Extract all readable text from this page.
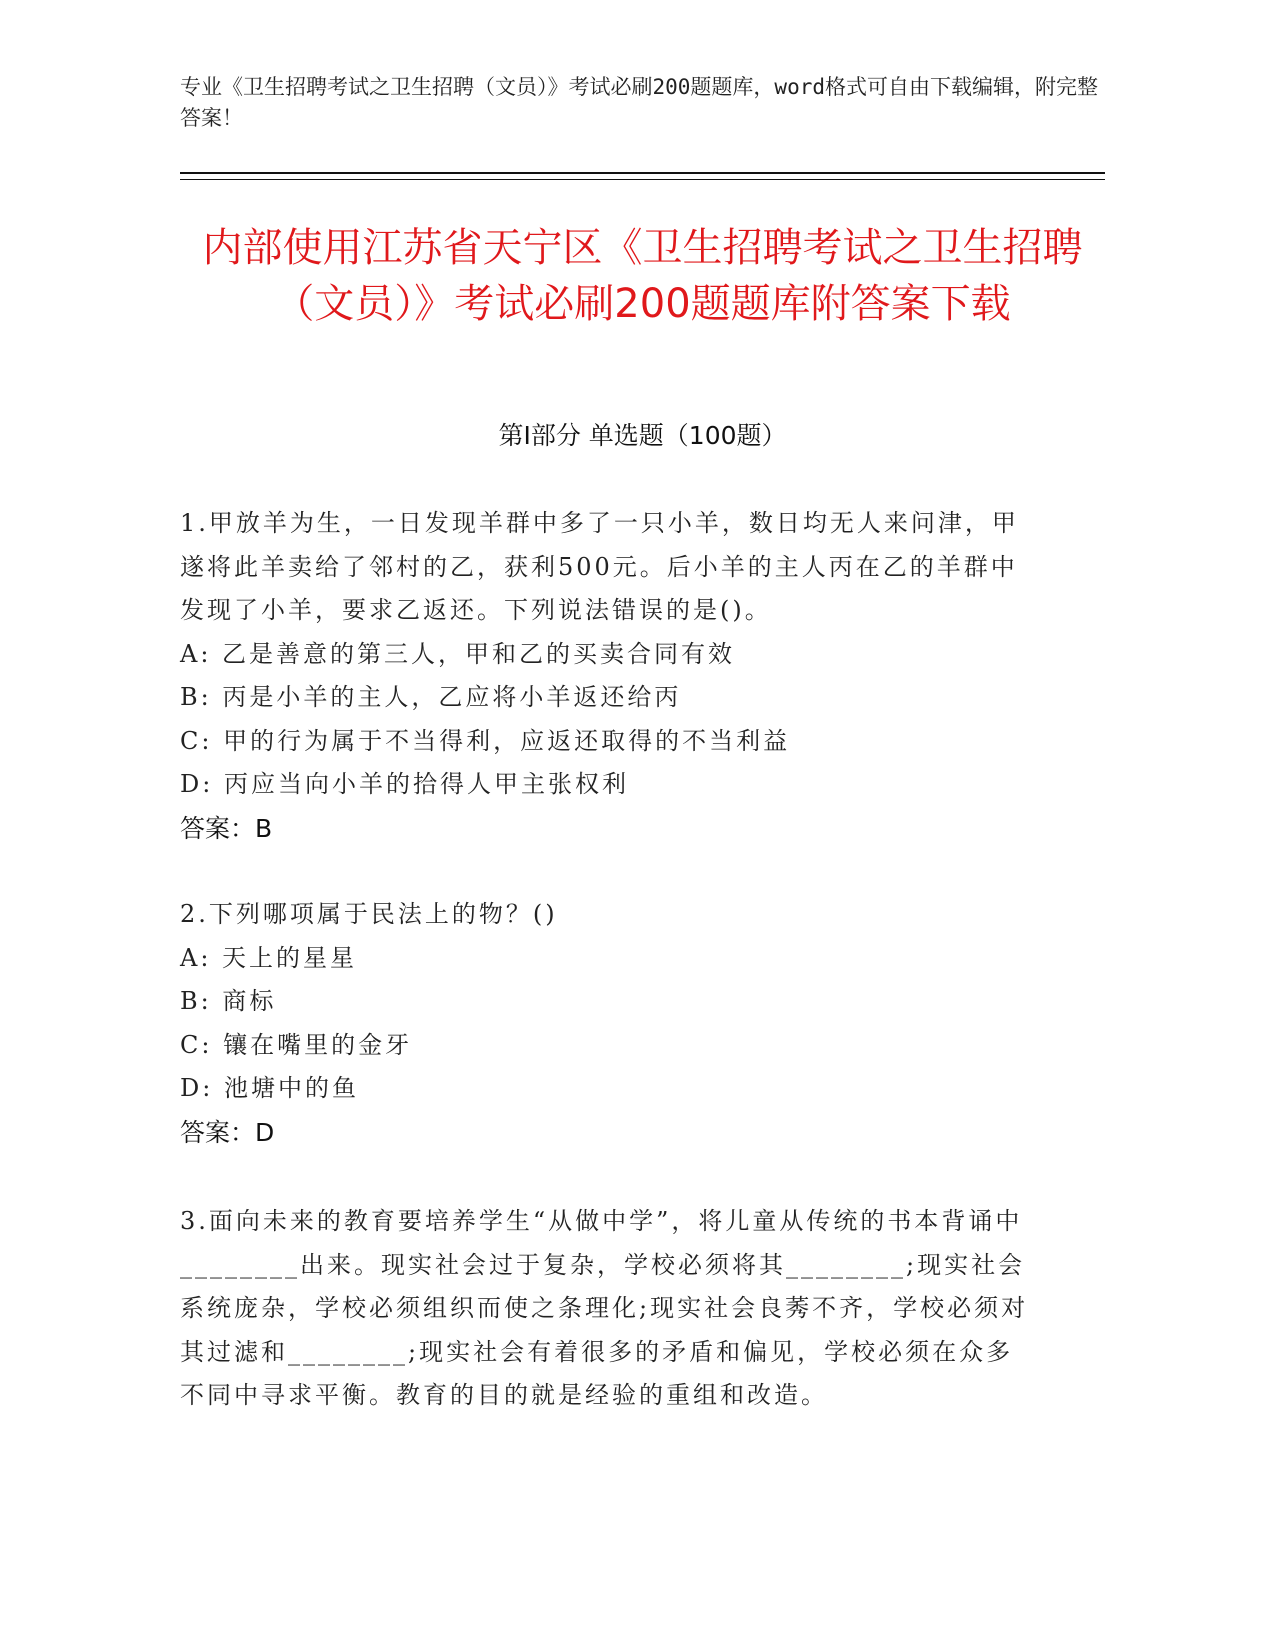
专业《卫生招聘考试之卫生招聘（文员）》考试必刷200题题库，word格式可自由下载编辑，附完整答案！
内部使用江苏省天宁区《卫生招聘考试之卫生招聘（文员）》考试必刷200题题库附答案下载
第I部分 单选题（100题）
1.甲放羊为生，一日发现羊群中多了一只小羊，数日均无人来问津，甲遂将此羊卖给了邻村的乙，获利500元。后小羊的主人丙在乙的羊群中发现了小羊，要求乙返还。下列说法错误的是()。
A: 乙是善意的第三人，甲和乙的买卖合同有效
B: 丙是小羊的主人，乙应将小羊返还给丙
C: 甲的行为属于不当得利，应返还取得的不当利益
D: 丙应当向小羊的拾得人甲主张权利
答案：B
2.下列哪项属于民法上的物？()
A: 天上的星星
B: 商标
C: 镶在嘴里的金牙
D: 池塘中的鱼
答案：D
3.面向未来的教育要培养学生“从做中学”，将儿童从传统的书本背诵中________出来。现实社会过于复杂，学校必须将其________;现实社会系统庞杂，学校必须组织而使之条理化;现实社会良莠不齐，学校必须对其过滤和________;现实社会有着很多的矛盾和偏见，学校必须在众多不同中寻求平衡。教育的目的就是经验的重组和改造。
